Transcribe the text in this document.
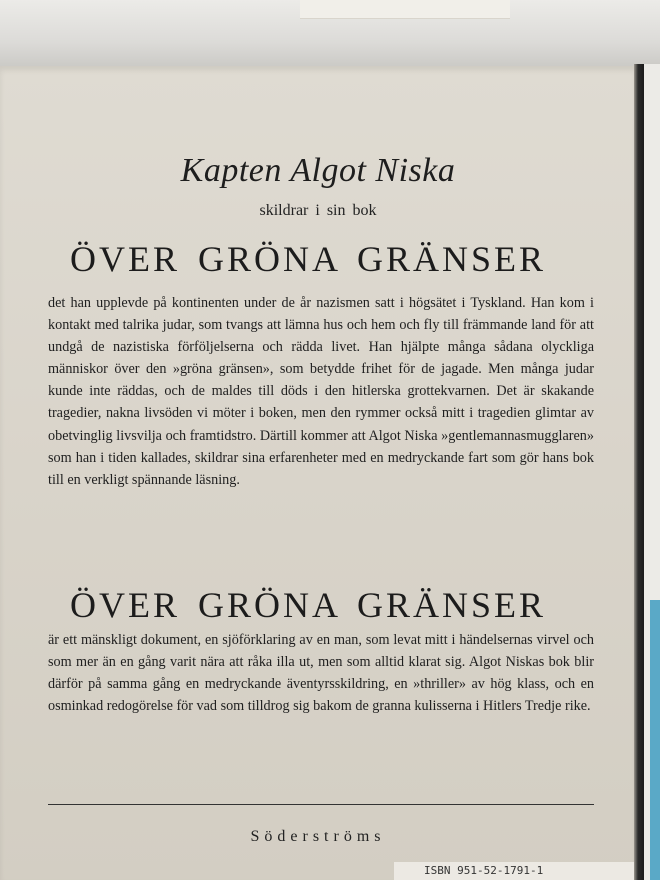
Kapten Algot Niska
skildrar i sin bok
ÖVER GRÖNA GRÄNSER
det han upplevde på kontinenten under de år nazismen satt i högsätet i Tyskland. Han kom i kontakt med talrika judar, som tvangs att lämna hus och hem och fly till främmande land för att undgå de nazistiska förföljelserna och rädda livet. Han hjälpte många sådana olyckliga människor över den »gröna gränsen», som betydde frihet för de jagade. Men många judar kunde inte räddas, och de maldes till döds i den hitlerska grottekvarnen. Det är skakande tragedier, nakna livsöden vi möter i boken, men den rymmer också mitt i tragedien glimtar av obetvinglig livsvilja och framtidstro. Därtill kommer att Algot Niska »gentlemannasmugglaren» som han i tiden kallades, skildrar sina erfarenheter med en medryckande fart som gör hans bok till en verkligt spännande läsning.
ÖVER GRÖNA GRÄNSER
är ett mänskligt dokument, en sjöförklaring av en man, som levat mitt i händelsernas virvel och som mer än en gång varit nära att råka illa ut, men som alltid klarat sig. Algot Niskas bok blir därför på samma gång en medryckande äventyrsskildring, en »thriller» av hög klass, och en osminkad redogörelse för vad som tilldrog sig bakom de granna kulisserna i Hitlers Tredje rike.
Söderströms
ISBN 951-52-1791-1
